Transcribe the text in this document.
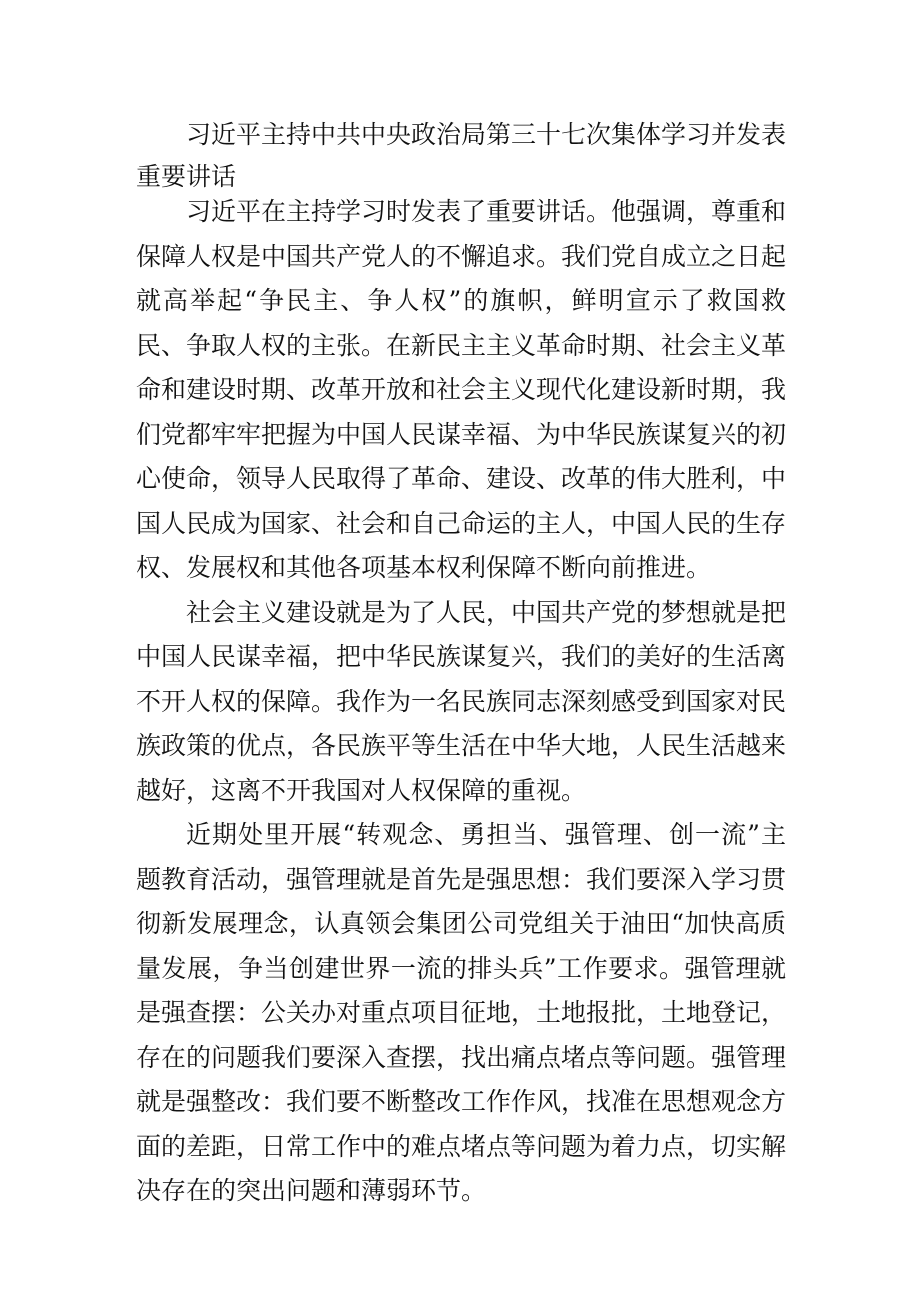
习近平主持中共中央政治局第三十七次集体学习并发表重要讲话

习近平在主持学习时发表了重要讲话。他强调，尊重和保障人权是中国共产党人的不懈追求。我们党自成立之日起就高举起“争民主、争人权”的旗帜，鲜明宣示了救国救民、争取人权的主张。在新民主主义革命时期、社会主义革命和建设时期、改革开放和社会主义现代化建设新时期，我们党都牢牢把握为中国人民谋幸福、为中华民族谋复兴的初心使命，领导人民取得了革命、建设、改革的伟大胜利，中国人民成为国家、社会和自己命运的主人，中国人民的生存权、发展权和其他各项基本权利保障不断向前推进。

社会主义建设就是为了人民，中国共产党的梦想就是把中国人民谋幸福，把中华民族谋复兴，我们的美好的生活离不开人权的保障。我作为一名民族同志深刻感受到国家对民族政策的优点，各民族平等生活在中华大地，人民生活越来越好，这离不开我国对人权保障的重视。

近期处里开展“转观念、勇担当、强管理、创一流”主题教育活动，强管理就是首先是强思想：我们要深入学习贯彻新发展理念，认真领会集团公司党组关于油田“加快高质量发展，争当创建世界一流的排头兵”工作要求。强管理就是强查摆：公关办对重点项目征地，土地报批，土地登记，存在的问题我们要深入查摆，找出痛点堵点等问题。强管理就是强整改：我们要不断整改工作作风，找准在思想观念方面的差距，日常工作中的难点堵点等问题为着力点，切实解

决存在的突出问题和薄弱环节。
